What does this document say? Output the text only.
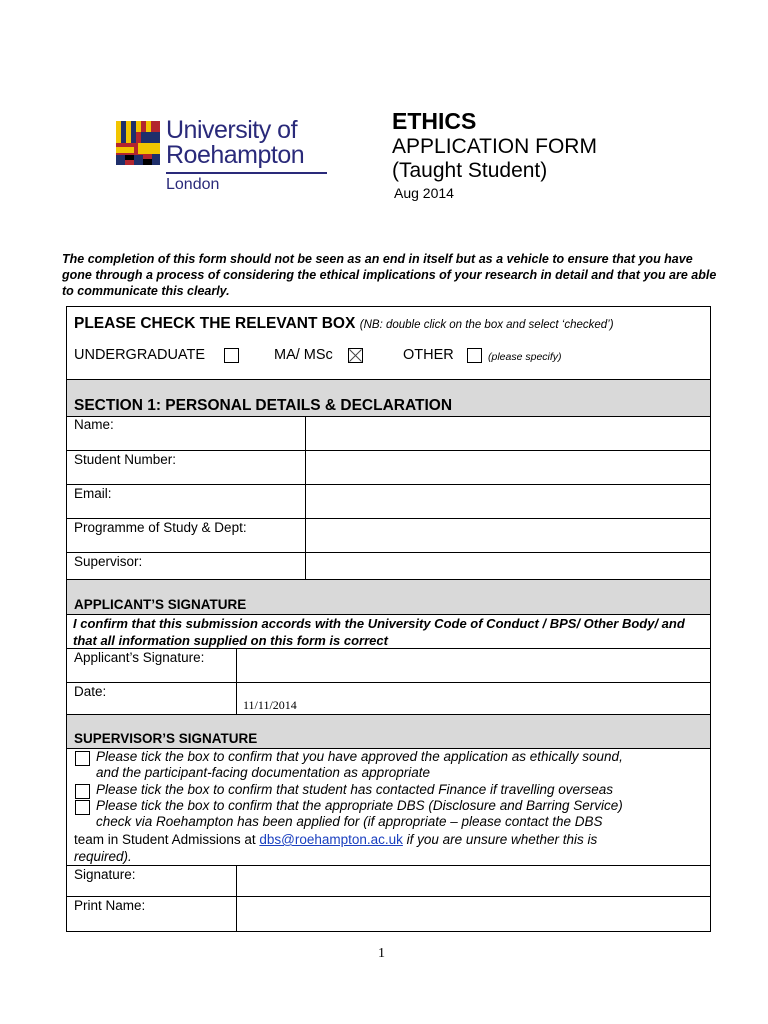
University of
Roehampton
London
ETHICS
APPLICATION FORM
(Taught Student)
Aug 2014
The completion of this form should not be seen as an end in itself but as a vehicle to ensure that you have gone through a process of considering the ethical implications of your research in detail and that you are able to communicate this clearly.
PLEASE CHECK THE RELEVANT BOX (NB: double click on the box and select ‘checked’)
UNDERGRADUATE	MA/ MSc	OTHER	(please specify)
SECTION 1: PERSONAL DETAILS & DECLARATION
Name:
Student Number:
Email:
Programme of Study & Dept:
Supervisor:
APPLICANT’S SIGNATURE
I confirm that this submission accords with the University Code of Conduct / BPS/ Other Body/ and that all information supplied on this form is correct
Applicant’s Signature:
Date:
11/11/2014
SUPERVISOR’S SIGNATURE
Please tick the box to confirm that you have approved the application as ethically sound,
and the participant-facing documentation as appropriate
Please tick the box to confirm that student has contacted Finance if travelling overseas
Please tick the box to confirm that the appropriate DBS (Disclosure and Barring Service)
check via Roehampton has been applied for (if appropriate – please contact the DBS
team in Student Admissions at dbs@roehampton.ac.uk if you are unsure whether this is
required).
Signature:
Print Name:
1
